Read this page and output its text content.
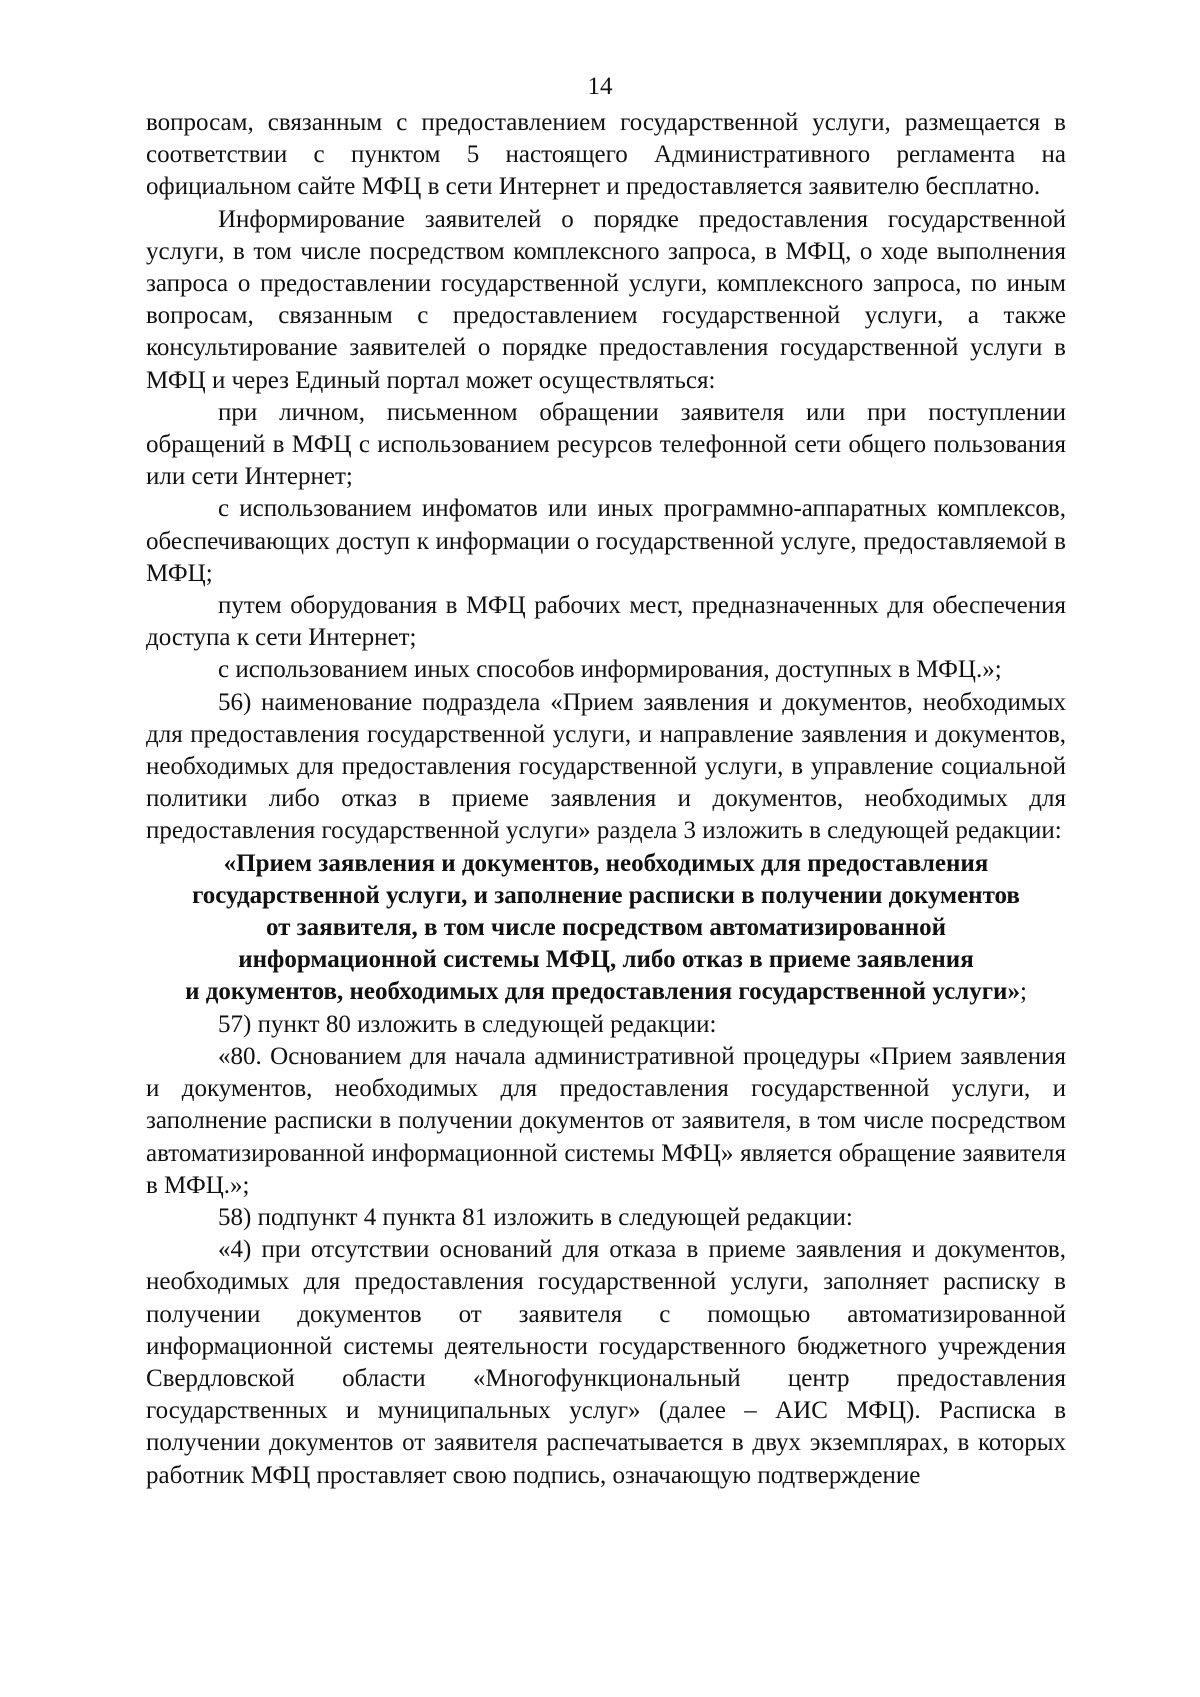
14

вопросам, связанным с предоставлением государственной услуги, размещается в соответствии с пунктом 5 настоящего Административного регламента на официальном сайте МФЦ в сети Интернет и предоставляется заявителю бесплатно.

Информирование заявителей о порядке предоставления государственной услуги, в том числе посредством комплексного запроса, в МФЦ, о ходе выполнения запроса о предоставлении государственной услуги, комплексного запроса, по иным вопросам, связанным с предоставлением государственной услуги, а также консультирование заявителей о порядке предоставления государственной услуги в МФЦ и через Единый портал может осуществляться:

при личном, письменном обращении заявителя или при поступлении обращений в МФЦ с использованием ресурсов телефонной сети общего пользования или сети Интернет;

с использованием инфоматов или иных программно-аппаратных комплексов, обеспечивающих доступ к информации о государственной услуге, предоставляемой в МФЦ;

путем оборудования в МФЦ рабочих мест, предназначенных для обеспечения доступа к сети Интернет;

с использованием иных способов информирования, доступных в МФЦ.»;

56) наименование подраздела «Прием заявления и документов, необходимых для предоставления государственной услуги, и направление заявления и документов, необходимых для предоставления государственной услуги, в управление социальной политики либо отказ в приеме заявления и документов, необходимых для предоставления государственной услуги» раздела 3 изложить в следующей редакции:

«Прием заявления и документов, необходимых для предоставления
государственной услуги, и заполнение расписки в получении документов
от заявителя, в том числе посредством автоматизированной
информационной системы МФЦ, либо отказ в приеме заявления
и документов, необходимых для предоставления государственной услуги»;

57) пункт 80 изложить в следующей редакции:

«80. Основанием для начала административной процедуры «Прием заявления и документов, необходимых для предоставления государственной услуги, и заполнение расписки в получении документов от заявителя, в том числе посредством автоматизированной информационной системы МФЦ» является обращение заявителя в МФЦ.»;

58) подпункт 4 пункта 81 изложить в следующей редакции:

«4) при отсутствии оснований для отказа в приеме заявления и документов, необходимых для предоставления государственной услуги, заполняет расписку в получении документов от заявителя с помощью автоматизированной информационной системы деятельности государственного бюджетного учреждения Свердловской области «Многофункциональный центр предоставления государственных и муниципальных услуг» (далее – АИС МФЦ). Расписка в получении документов от заявителя распечатывается в двух экземплярах, в которых работник МФЦ проставляет свою подпись, означающую подтверждение
